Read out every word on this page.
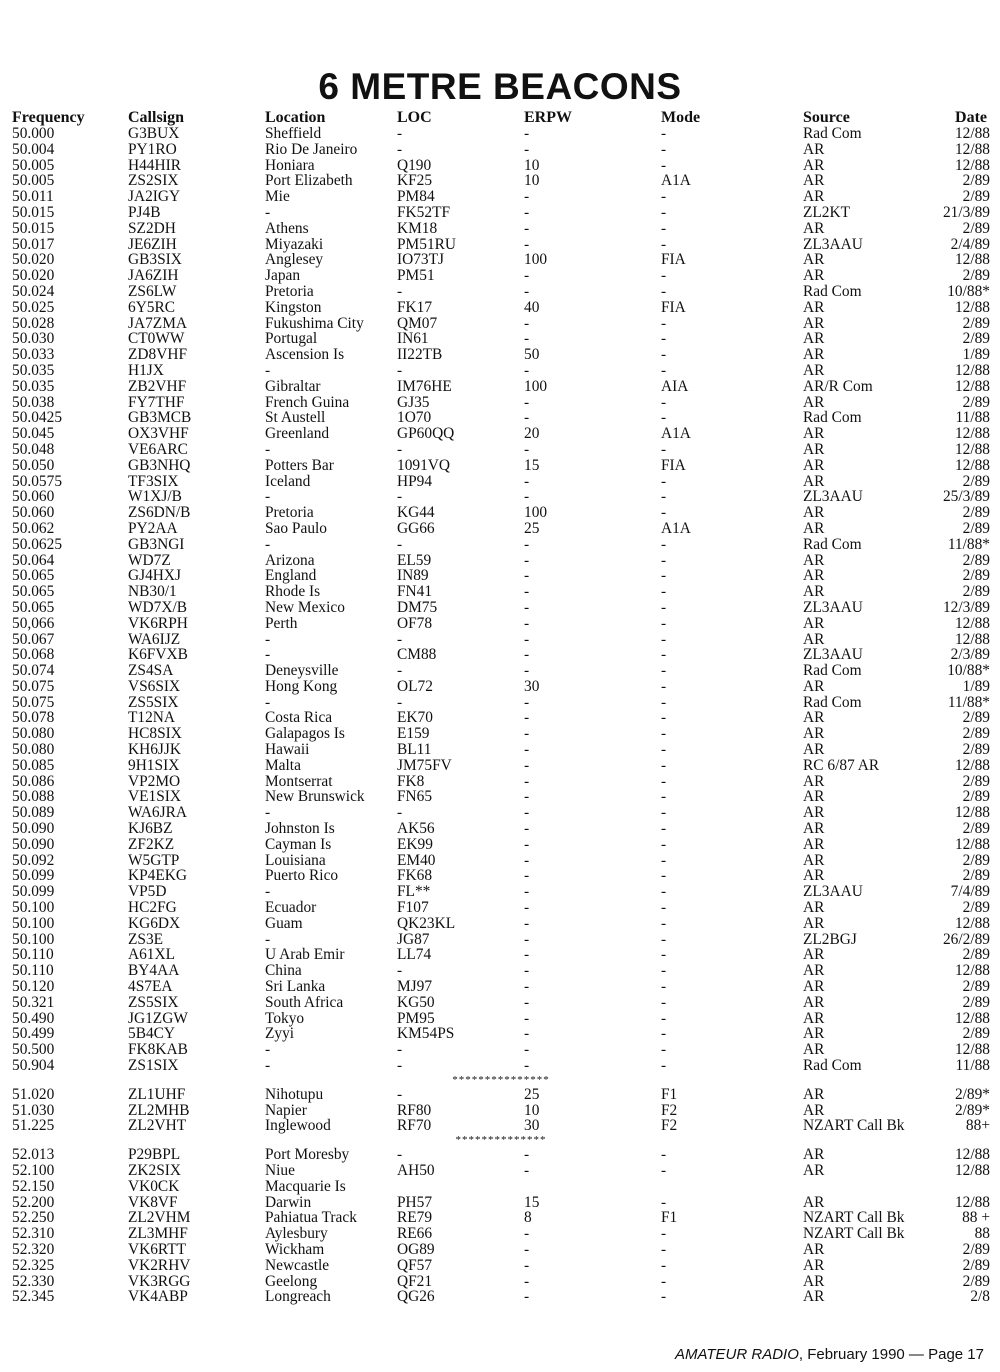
6 METRE BEACONS
Frequency	Callsign	Location	LOC	ERPW	Mode	Source	Date
50.000	G3BUX	Sheffield	-	-	-	Rad Com	12/88
50.004	PY1RO	Rio De Janeiro	-	-	-	AR	12/88
50.005	H44HIR	Honiara	Q190	10	-	AR	12/88
50.005	ZS2SIX	Port Elizabeth	KF25	10	A1A	AR	2/89
50.011	JA2IGY	Mie	PM84	-	-	AR	2/89
50.015	PJ4B	-	FK52TF	-	-	ZL2KT	21/3/89
50.015	SZ2DH	Athens	KM18	-	-	AR	2/89
50.017	JE6ZIH	Miyazaki	PM51RU	-	-	ZL3AAU	2/4/89
50.020	GB3SIX	Anglesey	IO73TJ	100	FIA	AR	12/88
50.020	JA6ZIH	Japan	PM51	-	-	AR	2/89
50.024	ZS6LW	Pretoria	-	-	-	Rad Com	10/88*
50.025	6Y5RC	Kingston	FK17	40	FIA	AR	12/88
50.028	JA7ZMA	Fukushima City	QM07	-	-	AR	2/89
50.030	CT0WW	Portugal	IN61	-	-	AR	2/89
50.033	ZD8VHF	Ascension Is	II22TB	50	-	AR	1/89
50.035	H1JX	-	-	-	-	AR	12/88
50.035	ZB2VHF	Gibraltar	IM76HE	100	AIA	AR/R Com	12/88
50.038	FY7THF	French Guina	GJ35	-	-	AR	2/89
50.0425	GB3MCB	St Austell	1O70	-	-	Rad Com	11/88
50.045	OX3VHF	Greenland	GP60QQ	20	A1A	AR	12/88
50.048	VE6ARC	-	-	-	-	AR	12/88
50.050	GB3NHQ	Potters Bar	1091VQ	15	FIA	AR	12/88
50.0575	TF3SIX	Iceland	HP94	-	-	AR	2/89
50.060	W1XJ/B	-	-	-	-	ZL3AAU	25/3/89
50.060	ZS6DN/B	Pretoria	KG44	100	-	AR	2/89
50.062	PY2AA	Sao Paulo	GG66	25	A1A	AR	2/89
50.0625	GB3NGI	-	-	-	-	Rad Com	11/88*
50.064	WD7Z	Arizona	EL59	-	-	AR	2/89
50.065	GJ4HXJ	England	IN89	-	-	AR	2/89
50.065	NB30/1	Rhode Is	FN41	-	-	AR	2/89
50.065	WD7X/B	New Mexico	DM75	-	-	ZL3AAU	12/3/89
50,066	VK6RPH	Perth	OF78	-	-	AR	12/88
50.067	WA6IJZ	-	-	-	-	AR	12/88
50.068	K6FVXB	-	CM88	-	-	ZL3AAU	2/3/89
50.074	ZS4SA	Deneysville	-	-	-	Rad Com	10/88*
50.075	VS6SIX	Hong Kong	OL72	30	-	AR	1/89
50.075	ZS5SIX	-	-	-	-	Rad Com	11/88*
50.078	T12NA	Costa Rica	EK70	-	-	AR	2/89
50.080	HC8SIX	Galapagos Is	E159	-	-	AR	2/89
50.080	KH6JJK	Hawaii	BL11	-	-	AR	2/89
50.085	9H1SIX	Malta	JM75FV	-	-	RC 6/87 AR	12/88
50.086	VP2MO	Montserrat	FK8	-	-	AR	2/89
50.088	VE1SIX	New Brunswick	FN65	-	-	AR	2/89
50.089	WA6JRA	-	-	-	-	AR	12/88
50.090	KJ6BZ	Johnston Is	AK56	-	-	AR	2/89
50.090	ZF2KZ	Cayman Is	EK99	-	-	AR	12/88
50.092	W5GTP	Louisiana	EM40	-	-	AR	2/89
50.099	KP4EKG	Puerto Rico	FK68	-	-	AR	2/89
50.099	VP5D	-	FL**	-	-	ZL3AAU	7/4/89
50.100	HC2FG	Ecuador	F107	-	-	AR	2/89
50.100	KG6DX	Guam	QK23KL	-	-	AR	12/88
50.100	ZS3E	-	JG87	-	-	ZL2BGJ	26/2/89
50.110	A61XL	U Arab Emir	LL74	-	-	AR	2/89
50.110	BY4AA	China	-	-	-	AR	12/88
50.120	4S7EA	Sri Lanka	MJ97	-	-	AR	2/89
50.321	ZS5SIX	South Africa	KG50	-	-	AR	2/89
50.490	JG1ZGW	Tokyo	PM95	-	-	AR	12/88
50.499	5B4CY	Zyyi	KM54PS	-	-	AR	2/89
50.500	FK8KAB	-	-	-	-	AR	12/88
50.904	ZS1SIX	-	-	-	-	Rad Com	11/88
***************							
51.020	ZL1UHF	Nihotupu	-	25	F1	AR	2/89*
51.030	ZL2MHB	Napier	RF80	10	F2	AR	2/89*
51.225	ZL2VHT	Inglewood	RF70	30	F2	NZART Call Bk	88+
**************							
52.013	P29BPL	Port Moresby	-	-	-	AR	12/88
52.100	ZK2SIX	Niue	AH50	-	-	AR	12/88
52.150	VK0CK	Macquarie Is					
52.200	VK8VF	Darwin	PH57	15	-	AR	12/88
52.250	ZL2VHM	Pahiatua Track	RE79	8	F1	NZART Call Bk	88 +
52.310	ZL3MHF	Aylesbury	RE66	-	-	NZART Call Bk	88
52.320	VK6RTT	Wickham	OG89	-	-	AR	2/89
52.325	VK2RHV	Newcastle	QF57	-	-	AR	2/89
52.330	VK3RGG	Geelong	QF21	-	-	AR	2/89
52.345	VK4ABP	Longreach	QG26	-	-	AR	2/8
AMATEUR RADIO, February 1990 — Page 17
